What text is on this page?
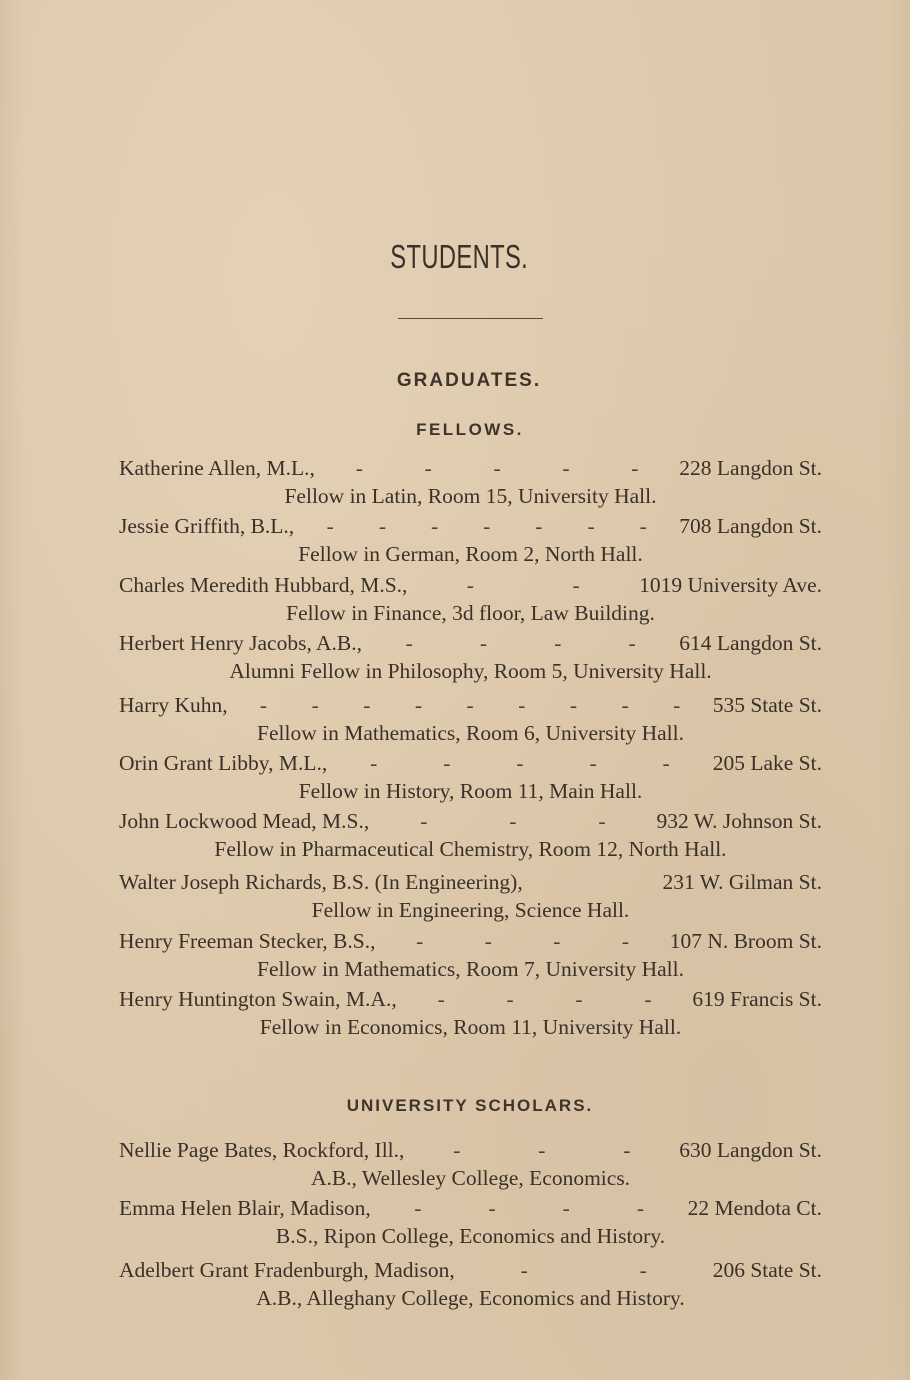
STUDENTS.
GRADUATES.
FELLOWS.
Katherine Allen, M.L., -	-	-	-	- 228 Langdon St.
Fellow in Latin, Room 15, University Hall.
Jessie Griffith, B.L., - - - - - - - 708 Langdon St.
Fellow in German, Room 2, North Hall.
Charles Meredith Hubbard, M.S.,	-	-	1019 University Ave.
Fellow in Finance, 3d floor, Law Building.
Herbert Henry Jacobs, A.B., -	-	-	- 614 Langdon St.
Alumni Fellow in Philosophy, Room 5, University Hall.
Harry Kuhn, - - - - - - - - - 535 State St.
Fellow in Mathematics, Room 6, University Hall.
Orin Grant Libby, M.L., -	-	-	-	- 205 Lake St.
Fellow in History, Room 11, Main Hall.
John Lockwood Mead, M.S., -	-	- 932 W. Johnson St.
Fellow in Pharmaceutical Chemistry, Room 12, North Hall.
Walter Joseph Richards, B.S. (In Engineering),	231 W. Gilman St.
Fellow in Engineering, Science Hall.
Henry Freeman Stecker, B.S., -	-	-	- 107 N. Broom St.
Fellow in Mathematics, Room 7, University Hall.
Henry Huntington Swain, M.A., -	-	-	- 619 Francis St.
Fellow in Economics, Room 11, University Hall.
UNIVERSITY SCHOLARS.
Nellie Page Bates, Rockford, Ill., -	-	- 630 Langdon St.
A.B., Wellesley College, Economics.
Emma Helen Blair, Madison, -	-	-	- 22 Mendota Ct.
B.S., Ripon College, Economics and History.
Adelbert Grant Fradenburgh, Madison,	-	-	206 State St.
A.B., Alleghany College, Economics and History.
